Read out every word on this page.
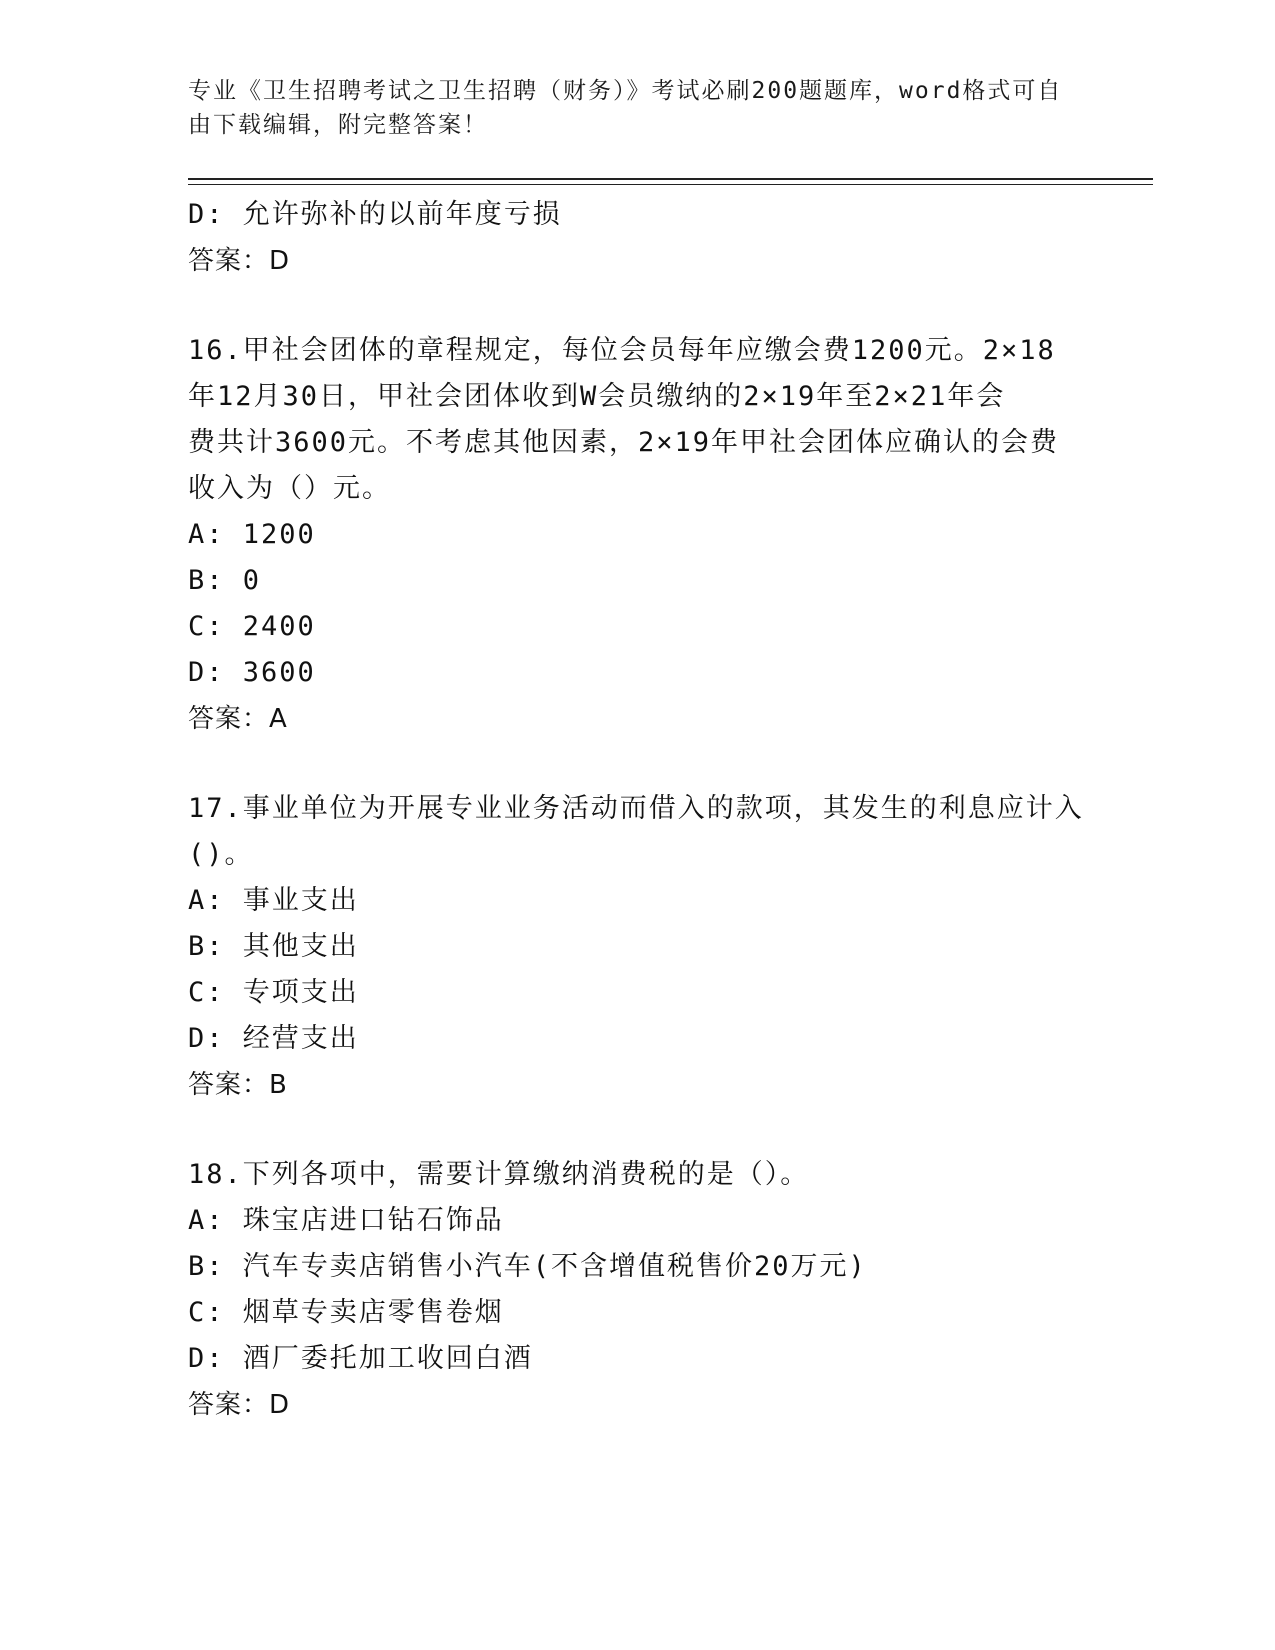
专业《卫生招聘考试之卫生招聘（财务）》考试必刷200题题库，word格式可自
由下载编辑，附完整答案！
D: 允许弥补的以前年度亏损
答案：D
16.甲社会团体的章程规定，每位会员每年应缴会费1200元。2×18
年12月30日，甲社会团体收到W会员缴纳的2×19年至2×21年会
费共计3600元。不考虑其他因素，2×19年甲社会团体应确认的会费
收入为（）元。
A: 1200
B: 0
C: 2400
D: 3600
答案：A
17.事业单位为开展专业业务活动而借入的款项，其发生的利息应计入
()。
A: 事业支出
B: 其他支出
C: 专项支出
D: 经营支出
答案：B
18.下列各项中，需要计算缴纳消费税的是（）。
A: 珠宝店进口钻石饰品
B: 汽车专卖店销售小汽车(不含增值税售价20万元)
C: 烟草专卖店零售卷烟
D: 酒厂委托加工收回白酒
答案：D
